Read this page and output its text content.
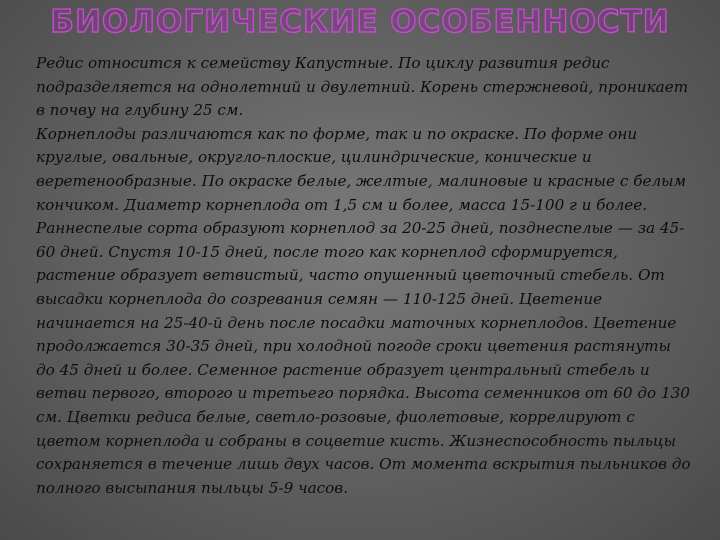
БИОЛОГИЧЕСКИЕ ОСОБЕННОСТИ

Редис относится к семейству Капустные. По циклу развития редис подразделяется на однолетний и двулетний. Корень стержневой, проникает в почву на глубину 25 см.

Корнеплоды различаются как по форме, так и по окраске. По форме они круглые, овальные, округло-плоские, цилиндрические, конические и веретенообразные. По окраске белые, желтые, малиновые и красные с белым кончиком. Диаметр корнеплода от 1,5 см и более, масса 15-100 г и более. Раннеспелые сорта образуют корнеплод за 20-25 дней, позднеспелые — за 45-60 дней. Спустя 10-15 дней, после того как корнеплод сформируется, растение образует ветвистый, часто опушенный цветочный стебель. От высадки корнеплода до созревания семян — 110-125 дней. Цветение начинается на 25-40-й день после посадки маточных корнеплодов. Цветение продолжается 30-35 дней, при холодной погоде сроки цветения растянуты до 45 дней и более. Семенное растение образует центральный стебель и ветви первого, второго и третьего порядка. Высота семенников от 60 до 130 см. Цветки редиса белые, светло-розовые, фиолетовые, коррелируют с цветом корнеплода и собраны в соцветие кисть. Жизнеспособность пыльцы сохраняется в течение лишь двух часов. От момента вскрытия пыльников до полного высыпания пыльцы 5-9 часов.
